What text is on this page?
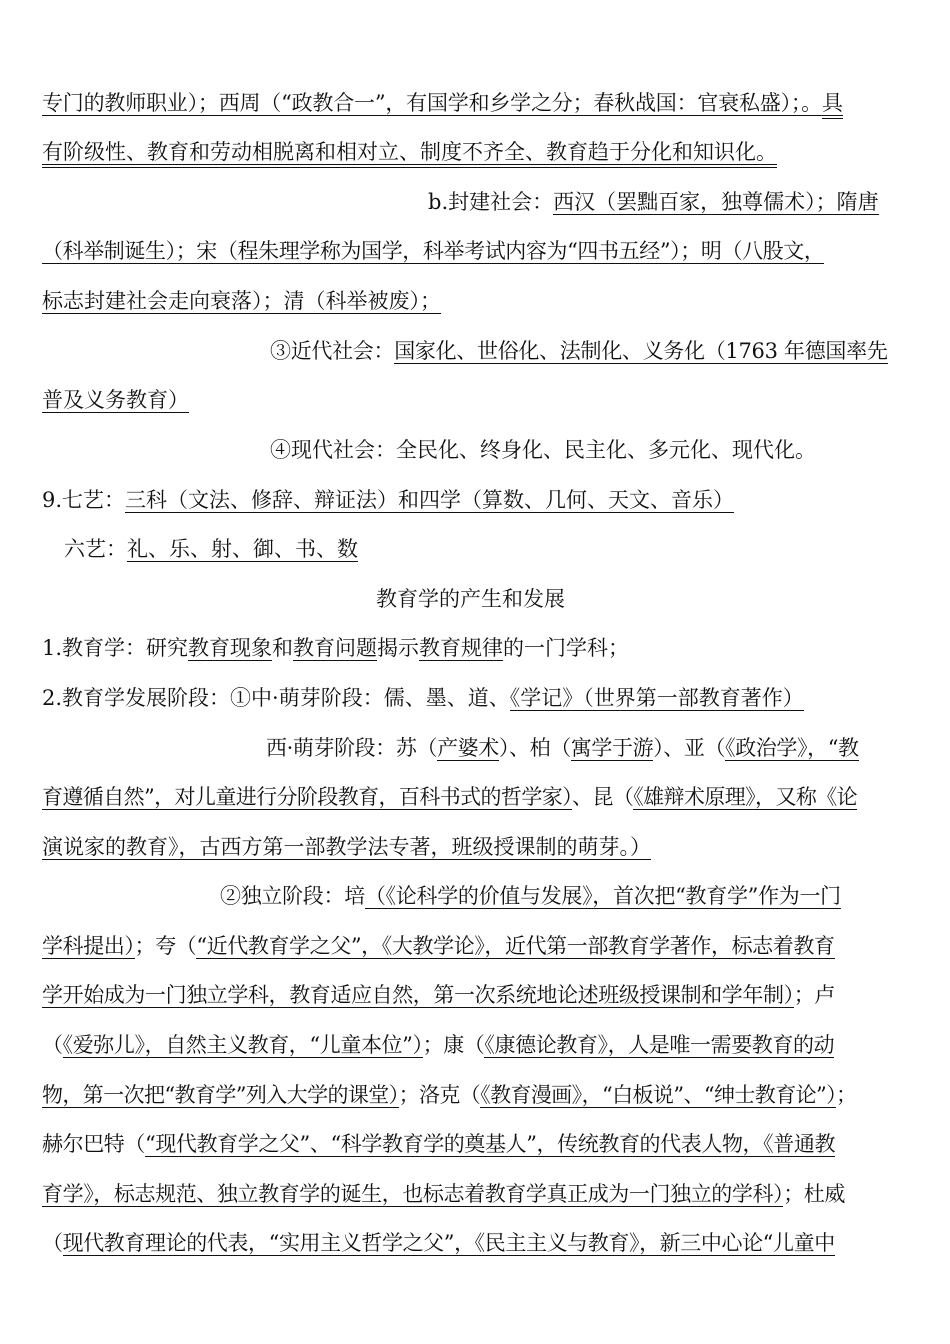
专门的教师职业）；西周（“政教合一”，有国学和乡学之分；春秋战国：官衰私盛）；。具
有阶级性、教育和劳动相脱离和相对立、制度不齐全、教育趋于分化和知识化。
b.封建社会：西汉（罢黜百家，独尊儒术）；隋唐
（科举制诞生）；宋（程朱理学称为国学，科举考试内容为“四书五经”）；明（八股文，
标志封建社会走向衰落）；清（科举被废）；
③近代社会：国家化、世俗化、法制化、义务化（1763 年德国率先
普及义务教育）
④现代社会：全民化、终身化、民主化、多元化、现代化。
9.七艺：三科（文法、修辞、辩证法）和四学（算数、几何、天文、音乐）
六艺：礼、乐、射、御、书、数
教育学的产生和发展
1.教育学：研究教育现象和教育问题揭示教育规律的一门学科；
2.教育学发展阶段：①中·萌芽阶段：儒、墨、道、《学记》（世界第一部教育著作）
西·萌芽阶段：苏（产婆术）、柏（寓学于游）、亚（《政治学》，“教
育遵循自然”，对儿童进行分阶段教育，百科书式的哲学家）、昆（《雄辩术原理》，又称《论
演说家的教育》，古西方第一部教学法专著，班级授课制的萌芽。）
②独立阶段：培（《论科学的价值与发展》，首次把“教育学”作为一门
学科提出）；夸（“近代教育学之父”，《大教学论》，近代第一部教育学著作，标志着教育
学开始成为一门独立学科，教育适应自然，第一次系统地论述班级授课制和学年制）；卢
（《爱弥儿》，自然主义教育，“儿童本位”）；康（《康德论教育》，人是唯一需要教育的动
物，第一次把“教育学”列入大学的课堂）；洛克（《教育漫画》，“白板说”、“绅士教育论”）；
赫尔巴特（“现代教育学之父”、“科学教育学的奠基人”，传统教育的代表人物，《普通教
育学》，标志规范、独立教育学的诞生，也标志着教育学真正成为一门独立的学科）；杜威
（现代教育理论的代表，“实用主义哲学之父”，《民主主义与教育》，新三中心论“儿童中
